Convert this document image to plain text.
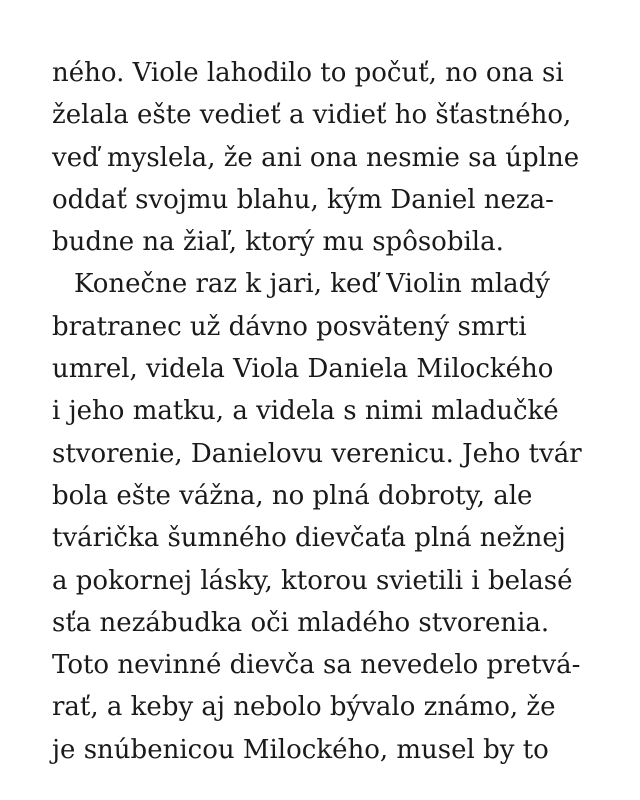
ného. Viole lahodilo to počuť, no ona si
želala ešte vedieť a vidieť ho šťastného,
veď myslela, že ani ona nesmie sa úplne
oddať svojmu blahu, kým Daniel neza-
budne na žiaľ, ktorý mu spôsobila.
Konečne raz k jari, keď Violin mladý
bratranec už dávno posvätený smrti
umrel, videla Viola Daniela Milockého
i jeho matku, a videla s nimi mladučké
stvorenie, Danielovu verenicu. Jeho tvár
bola ešte vážna, no plná dobroty, ale
tvárička šumného dievčaťa plná nežnej
a pokornej lásky, ktorou svietili i belasé
sťa nezábudka oči mladého stvorenia.
Toto nevinné dievča sa nevedelo pretvá-
rať, a keby aj nebolo bývalo známo, že
je snúbenicou Milockého, musel by to
